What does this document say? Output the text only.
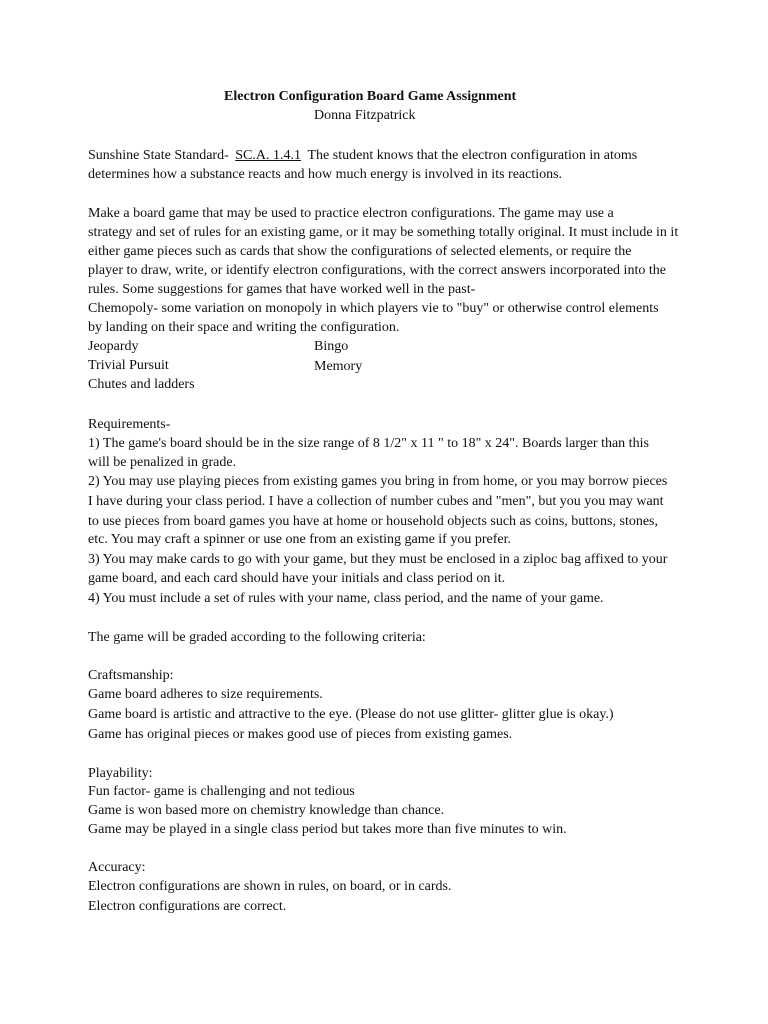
Electron Configuration Board Game Assignment
Donna Fitzpatrick
Sunshine State Standard- SC.A. 1.4.1 The student knows that the electron configuration in atoms
determines how a substance reacts and how much energy is involved in its reactions.
Make a board game that may be used to practice electron configurations. The game may use a
strategy and set of rules for an existing game, or it may be something totally original. It must include in it
either game pieces such as cards that show the configurations of selected elements, or require the
player to draw, write, or identify electron configurations, with the correct answers incorporated into the
rules. Some suggestions for games that have worked well in the past-
Chemopoly- some variation on monopoly in which players vie to "buy" or otherwise control elements
by landing on their space and writing the configuration.
Jeopardy	Bingo
Trivial Pursuit	Memory
Chutes and ladders
Requirements-
1) The game's board should be in the size range of 8 1/2" x 11 " to 18" x 24". Boards larger than this
will be penalized in grade.
2) You may use playing pieces from existing games you bring in from home, or you may borrow pieces
I have during your class period. I have a collection of number cubes and "men", but you you may want
to use pieces from board games you have at home or household objects such as coins, buttons, stones,
etc. You may craft a spinner or use one from an existing game if you prefer.
3) You may make cards to go with your game, but they must be enclosed in a ziploc bag affixed to your
game board, and each card should have your initials and class period on it.
4) You must include a set of rules with your name, class period, and the name of your game.
The game will be graded according to the following criteria:
Craftsmanship:
Game board adheres to size requirements.
Game board is artistic and attractive to the eye. (Please do not use glitter- glitter glue is okay.)
Game has original pieces or makes good use of pieces from existing games.
Playability:
Fun factor- game is challenging and not tedious
Game is won based more on chemistry knowledge than chance.
Game may be played in a single class period but takes more than five minutes to win.
Accuracy:
Electron configurations are shown in rules, on board, or in cards.
Electron configurations are correct.
